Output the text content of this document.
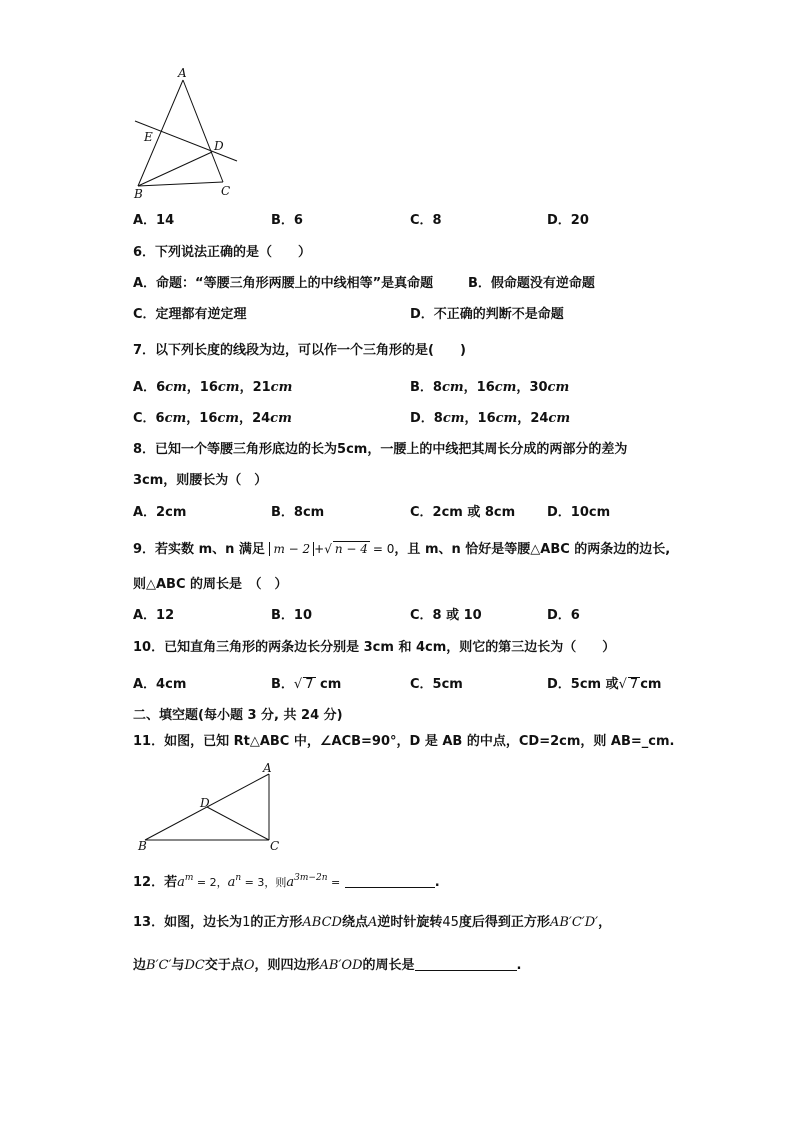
A
E
D
B	C
A．14	B．6	C．8	D．20
6．下列说法正确的是（　　）
A．命题：“等腰三角形两腰上的中线相等”是真命题	B．假命题没有逆命题
C．定理都有逆定理	D．不正确的判断不是命题
7．以下列长度的线段为边，可以作一个三角形的是(　　)
A．6cm，16cm，21cm	B．8cm，16cm，30cm
C．6cm，16cm，24cm	D．8cm，16cm，24cm
8．已知一个等腰三角形底边的长为5cm，一腰上的中线把其周长分成的两部分的差为
3cm，则腰长为（　）
A．2cm	B．8cm	C．2cm 或 8cm D．10cm
9．若实数 m、n 满足 m − 2 +√ n − 4 = 0，且 m、n 恰好是等腰△ABC 的两条边的边长,
则△ABC 的周长是　（　）
A．12	B．10	C．8 或 10	D．6
10．已知直角三角形的两条边长分别是 3cm 和 4cm，则它的第三边长为（　　）
A．4cm	B．√ 7 cm	C．5cm	D．5cm 或√ 7 cm
二、填空题(每小题 3 分, 共 24 分)
11．如图，已知 Rt△ABC 中，∠ACB=90°，D 是 AB 的中点，CD=2cm，则 AB=_cm.
A
D
B	C
12．若$a^m = 2$，$a^n = 3$，则$a^{3m-2n}$ =	.
13．如图，边长为1的正方形ABCD绕点A逆时针旋转45度后得到正方形AB′C′D′，
边B′C′与DC交于点O，则四边形AB′OD的周长是	.
